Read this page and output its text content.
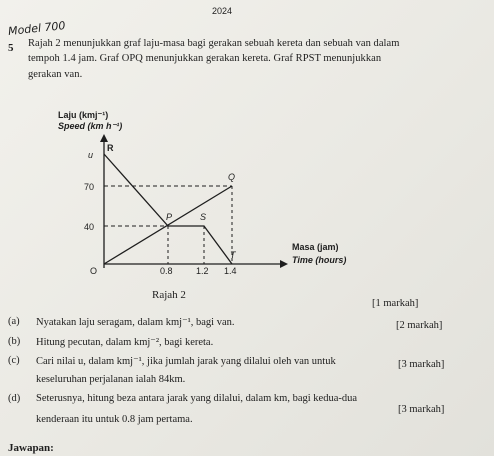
2024
Model 700
5 Rajah 2 menunjukkan graf laju-masa bagi gerakan sebuah kereta dan sebuah van dalam
tempoh 1.4 jam. Graf OPQ menunjukkan gerakan kereta. Graf RPST menunjukkan
gerakan van.
Laju (kmj⁻¹)
Speed (km h⁻¹)
u
70
40
O	0.8	1.2 1.4
R
Q
P	S
T
Masa (jam)
Time (hours)
Rajah 2
[1 markah]
(a) Nyatakan laju seragam, dalam kmj⁻¹, bagi van.
(b) Hitung pecutan, dalam kmj⁻², bagi kereta.
[2 markah]
(c) Cari nilai u, dalam kmj⁻¹, jika jumlah jarak yang dilalui oleh van untuk
keseluruhan perjalanan ialah 84km.
[3 markah]
(d) Seterusnya, hitung beza antara jarak yang dilalui, dalam km, bagi kedua-dua
kenderaan itu untuk 0.8 jam pertama.
[3 markah]
Jawapan:
